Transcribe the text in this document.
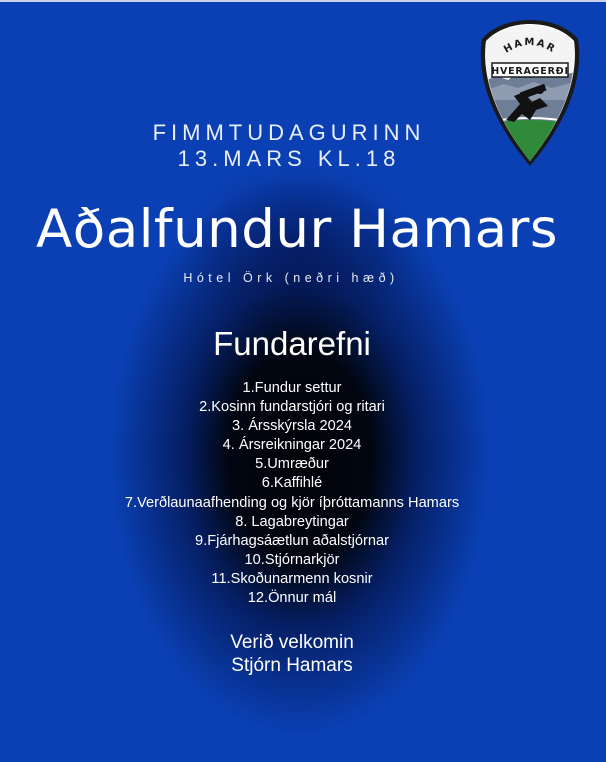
FIMMTUDAGURINN
13.MARS KL.18
Aðalfundur Hamars
Hótel Örk (neðri hæð)
Fundarefni
1.Fundur settur
2.Kosinn fundarstjóri og ritari
3. Ársskýrsla 2024
4. Ársreikningar 2024
5.Umræður
6.Kaffihlé
7.Verðlaunaafhending og kjör íþróttamanns Hamars
8. Lagabreytingar
9.Fjárhagsáætlun aðalstjórnar
10.Stjórnarkjör
11.Skoðunarmenn kosnir
12.Önnur mál
Verið velkomin
Stjórn Hamars
HVERAGERÐI
HAMAR
